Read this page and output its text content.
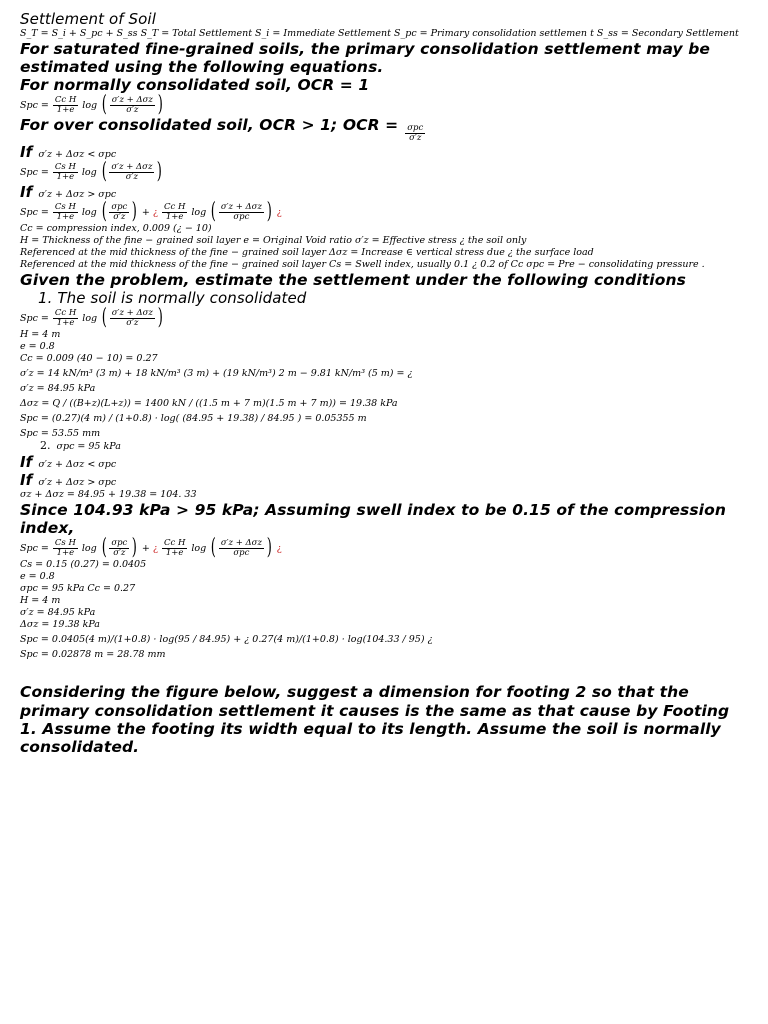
Settlement of Soil

S_T = S_i + S_pc + S_ss S_T = Total Settlement S_i = Immediate Settlement S_pc = Primary consolidation settlemen t S_ss = Secondary Settlement

For saturated fine-grained soils, the primary consolidation settlement may be estimated using the following equations.

For normally consolidated soil, OCR = 1

Spc = $\frac{\text{Cc H}}{1+e}$ log ( $\frac{\text{σ′z + Δσz}}{\sigma'z}$ )

For over consolidated soil, OCR > 1; OCR = $\frac{\text{σpc}}{\sigma'z}$

If σ′z + Δσz < σpc
Spc = $\frac{\text{Cs H}}{1+e}$ log ( $\frac{\text{σ′z + Δσz}}{\sigma'z}$ )

If σ′z + Δσz > σpc
Spc = $\frac{\text{Cs H}}{1+e}$ log ( $\frac{\text{σpc}}{\sigma'z}$ ) + ¿ $\frac{\text{Cc H}}{1+e}$ log ( $\frac{\text{σ′z + Δσz}}{\text{σpc}}$ ) ¿

Cc = compression index, 0.009 (¿ − 10)

H = Thickness of the fine − grained soil layer e = Original Void ratio σ′z = Effective stress ¿ the soil only

Referenced at the mid thickness of the fine − grained soil layer Δσz = Increase ∈ vertical stress due ¿ the surface load

Referenced at the mid thickness of the fine − grained soil layer Cs = Swell index, usually 0.1 ¿ 0.2 of Cc σpc = Pre − consolidating pressure .

Given the problem, estimate the settlement under the following conditions

1. The soil is normally consolidated

Spc = $\frac{\text{Cc H}}{1+e}$ log ( $\frac{\text{σ′z + Δσz}}{\sigma'z}$ )

H = 4 m

e = 0.8

Cc = 0.009 (40 − 10) = 0.27

σ′z = 14 kN/m³ (3 m) + 18 kN/m³ (3 m) + (19 kN/m³) 2 m − 9.81 kN/m³ (5 m) = ¿

σ′z = 84.95 kPa

Δσz = Q / ((B+z)(L+z)) = 1400 kN / ((1.5 m + 7 m)(1.5 m + 7 m)) = 19.38 kPa

Spc = (0.27)(4 m) / (1+0.8) · log( (84.95 + 19.38) / 84.95 ) = 0.05355 m

Spc = 53.55 mm

2. σpc = 95 kPa

If σ′z + Δσz < σpc

If σ′z + Δσz > σpc

σz + Δσz = 84.95 + 19.38 = 104. 33

Since 104.93 kPa > 95 kPa; Assuming swell index to be 0.15 of the compression index,

Spc = $\frac{\text{Cs H}}{1+e}$ log ( $\frac{\text{σpc}}{\sigma'z}$ ) + ¿ $\frac{\text{Cc H}}{1+e}$ log ( $\frac{\text{σ′z + Δσz}}{\text{σpc}}$ ) ¿

Cs = 0.15 (0.27) = 0.0405

e = 0.8

σpc = 95 kPa Cc = 0.27

H = 4 m

σ′z = 84.95 kPa

Δσz = 19.38 kPa

Spc = 0.0405(4 m)/(1+0.8) · log(95 / 84.95) + ¿ 0.27(4 m)/(1+0.8) · log(104.33 / 95) ¿

Spc = 0.02878 m = 28.78 mm

Considering the figure below, suggest a dimension for footing 2 so that the primary consolidation settlement it causes is the same as that cause by Footing 1. Assume the footing its width equal to its length. Assume the soil is normally consolidated.
